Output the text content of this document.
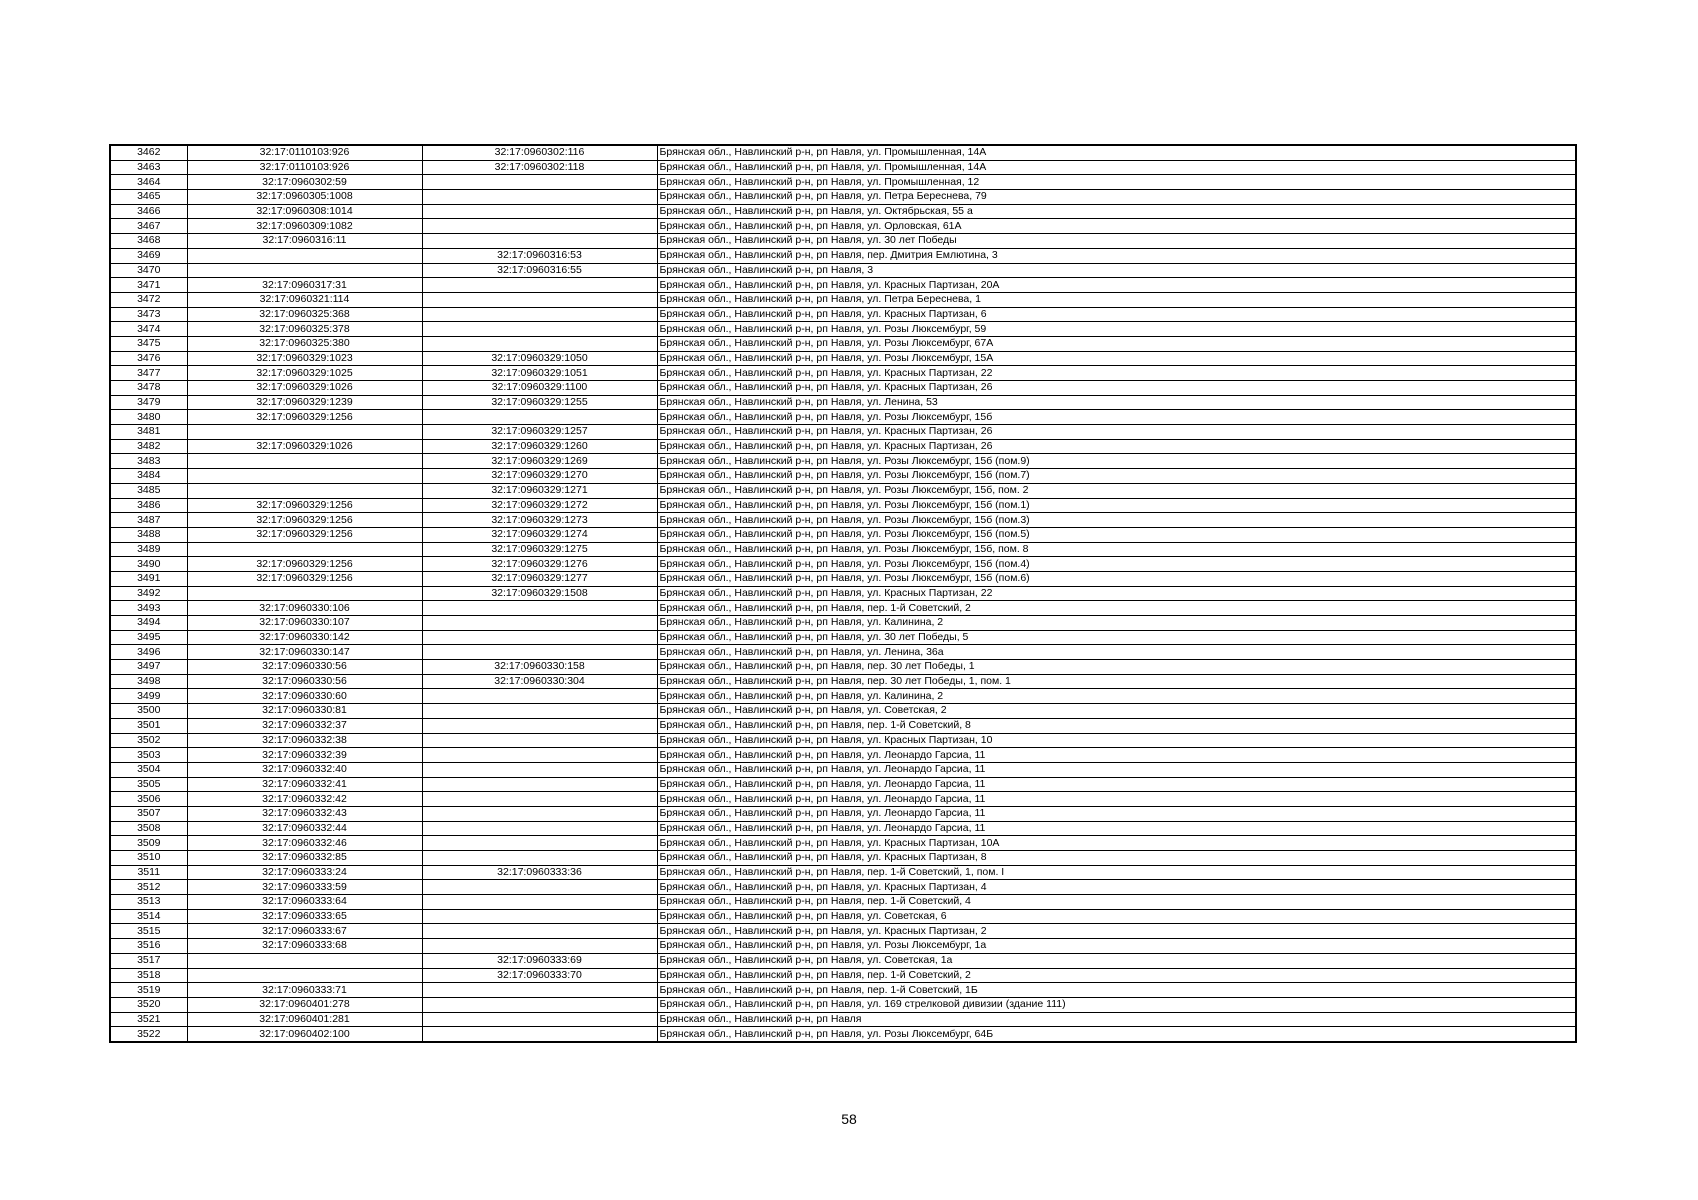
3462	32:17:0110103:926	32:17:0960302:116	Брянская обл., Навлинский р-н, рп Навля, ул. Промышленная, 14А
3463	32:17:0110103:926	32:17:0960302:118	Брянская обл., Навлинский р-н, рп Навля, ул. Промышленная, 14А
3464	32:17:0960302:59		Брянская обл., Навлинский р-н, рп Навля, ул. Промышленная, 12
3465	32:17:0960305:1008		Брянская обл., Навлинский р-н, рп Навля, ул. Петра Береснева, 79
3466	32:17:0960308:1014		Брянская обл., Навлинский р-н, рп Навля, ул. Октябрьская, 55 а
3467	32:17:0960309:1082		Брянская обл., Навлинский р-н, рп Навля, ул. Орловская, 61А
3468	32:17:0960316:11		Брянская обл., Навлинский р-н, рп Навля, ул. 30 лет Победы
3469		32:17:0960316:53	Брянская обл., Навлинский р-н, рп Навля, пер. Дмитрия Емлютина, 3
3470		32:17:0960316:55	Брянская обл., Навлинский р-н, рп Навля, 3
3471	32:17:0960317:31		Брянская обл., Навлинский р-н, рп Навля, ул. Красных Партизан, 20А
3472	32:17:0960321:114		Брянская обл., Навлинский р-н, рп Навля, ул. Петра Береснева, 1
3473	32:17:0960325:368		Брянская обл., Навлинский р-н, рп Навля, ул. Красных Партизан, 6
3474	32:17:0960325:378		Брянская обл., Навлинский р-н, рп Навля, ул. Розы Люксембург, 59
3475	32:17:0960325:380		Брянская обл., Навлинский р-н, рп Навля, ул. Розы Люксембург, 67А
3476	32:17:0960329:1023	32:17:0960329:1050	Брянская обл., Навлинский р-н, рп Навля, ул. Розы Люксембург, 15А
3477	32:17:0960329:1025	32:17:0960329:1051	Брянская обл., Навлинский р-н, рп Навля, ул. Красных Партизан, 22
3478	32:17:0960329:1026	32:17:0960329:1100	Брянская обл., Навлинский р-н, рп Навля, ул. Красных Партизан, 26
3479	32:17:0960329:1239	32:17:0960329:1255	Брянская обл., Навлинский р-н, рп Навля, ул. Ленина, 53
3480	32:17:0960329:1256		Брянская обл., Навлинский р-н, рп Навля, ул. Розы Люксембург, 15б
3481		32:17:0960329:1257	Брянская обл., Навлинский р-н, рп Навля, ул. Красных Партизан, 26
3482	32:17:0960329:1026	32:17:0960329:1260	Брянская обл., Навлинский р-н, рп Навля, ул. Красных Партизан, 26
3483		32:17:0960329:1269	Брянская обл., Навлинский р-н, рп Навля, ул. Розы Люксембург, 15б (пом.9)
3484		32:17:0960329:1270	Брянская обл., Навлинский р-н, рп Навля, ул. Розы Люксембург, 15б (пом.7)
3485		32:17:0960329:1271	Брянская обл., Навлинский р-н, рп Навля, ул. Розы Люксембург, 15б, пом. 2
3486	32:17:0960329:1256	32:17:0960329:1272	Брянская обл., Навлинский р-н, рп Навля, ул. Розы Люксембург, 15б (пом.1)
3487	32:17:0960329:1256	32:17:0960329:1273	Брянская обл., Навлинский р-н, рп Навля, ул. Розы Люксембург, 15б (пом.3)
3488	32:17:0960329:1256	32:17:0960329:1274	Брянская обл., Навлинский р-н, рп Навля, ул. Розы Люксембург, 15б (пом.5)
3489		32:17:0960329:1275	Брянская обл., Навлинский р-н, рп Навля, ул. Розы Люксембург, 15б, пом. 8
3490	32:17:0960329:1256	32:17:0960329:1276	Брянская обл., Навлинский р-н, рп Навля, ул. Розы Люксембург, 15б (пом.4)
3491	32:17:0960329:1256	32:17:0960329:1277	Брянская обл., Навлинский р-н, рп Навля, ул. Розы Люксембург, 15б (пом.6)
3492		32:17:0960329:1508	Брянская обл., Навлинский р-н, рп Навля, ул. Красных Партизан, 22
3493	32:17:0960330:106		Брянская обл., Навлинский р-н, рп Навля, пер. 1-й Советский, 2
3494	32:17:0960330:107		Брянская обл., Навлинский р-н, рп Навля, ул. Калинина, 2
3495	32:17:0960330:142		Брянская обл., Навлинский р-н, рп Навля, ул. 30 лет Победы, 5
3496	32:17:0960330:147		Брянская обл., Навлинский р-н, рп Навля, ул. Ленина, 36а
3497	32:17:0960330:56	32:17:0960330:158	Брянская обл., Навлинский р-н, рп Навля, пер. 30 лет Победы, 1
3498	32:17:0960330:56	32:17:0960330:304	Брянская обл., Навлинский р-н, рп Навля, пер. 30 лет Победы, 1, пом. 1
3499	32:17:0960330:60		Брянская обл., Навлинский р-н, рп Навля, ул. Калинина, 2
3500	32:17:0960330:81		Брянская обл., Навлинский р-н, рп Навля, ул. Советская, 2
3501	32:17:0960332:37		Брянская обл., Навлинский р-н, рп Навля, пер. 1-й Советский, 8
3502	32:17:0960332:38		Брянская обл., Навлинский р-н, рп Навля, ул. Красных Партизан, 10
3503	32:17:0960332:39		Брянская обл., Навлинский р-н, рп Навля, ул. Леонардо Гарсиа, 11
3504	32:17:0960332:40		Брянская обл., Навлинский р-н, рп Навля, ул. Леонардо Гарсиа, 11
3505	32:17:0960332:41		Брянская обл., Навлинский р-н, рп Навля, ул. Леонардо Гарсиа, 11
3506	32:17:0960332:42		Брянская обл., Навлинский р-н, рп Навля, ул. Леонардо Гарсиа, 11
3507	32:17:0960332:43		Брянская обл., Навлинский р-н, рп Навля, ул. Леонардо Гарсиа, 11
3508	32:17:0960332:44		Брянская обл., Навлинский р-н, рп Навля, ул. Леонардо Гарсиа, 11
3509	32:17:0960332:46		Брянская обл., Навлинский р-н, рп Навля, ул. Красных Партизан, 10А
3510	32:17:0960332:85		Брянская обл., Навлинский р-н, рп Навля, ул. Красных Партизан, 8
3511	32:17:0960333:24	32:17:0960333:36	Брянская обл., Навлинский р-н, рп Навля, пер. 1-й Советский, 1, пом. I
3512	32:17:0960333:59		Брянская обл., Навлинский р-н, рп Навля, ул. Красных Партизан, 4
3513	32:17:0960333:64		Брянская обл., Навлинский р-н, рп Навля, пер. 1-й Советский, 4
3514	32:17:0960333:65		Брянская обл., Навлинский р-н, рп Навля, ул. Советская, 6
3515	32:17:0960333:67		Брянская обл., Навлинский р-н, рп Навля, ул. Красных Партизан, 2
3516	32:17:0960333:68		Брянская обл., Навлинский р-н, рп Навля, ул. Розы Люксембург, 1а
3517		32:17:0960333:69	Брянская обл., Навлинский р-н, рп Навля, ул. Советская, 1а
3518		32:17:0960333:70	Брянская обл., Навлинский р-н, рп Навля, пер. 1-й Советский, 2
3519	32:17:0960333:71		Брянская обл., Навлинский р-н, рп Навля, пер. 1-й Советский, 1Б
3520	32:17:0960401:278		Брянская обл., Навлинский р-н, рп Навля, ул. 169 стрелковой дивизии (здание 111)
3521	32:17:0960401:281		Брянская обл., Навлинский р-н, рп Навля
3522	32:17:0960402:100		Брянская обл., Навлинский р-н, рп Навля, ул. Розы Люксембург, 64Б
58
